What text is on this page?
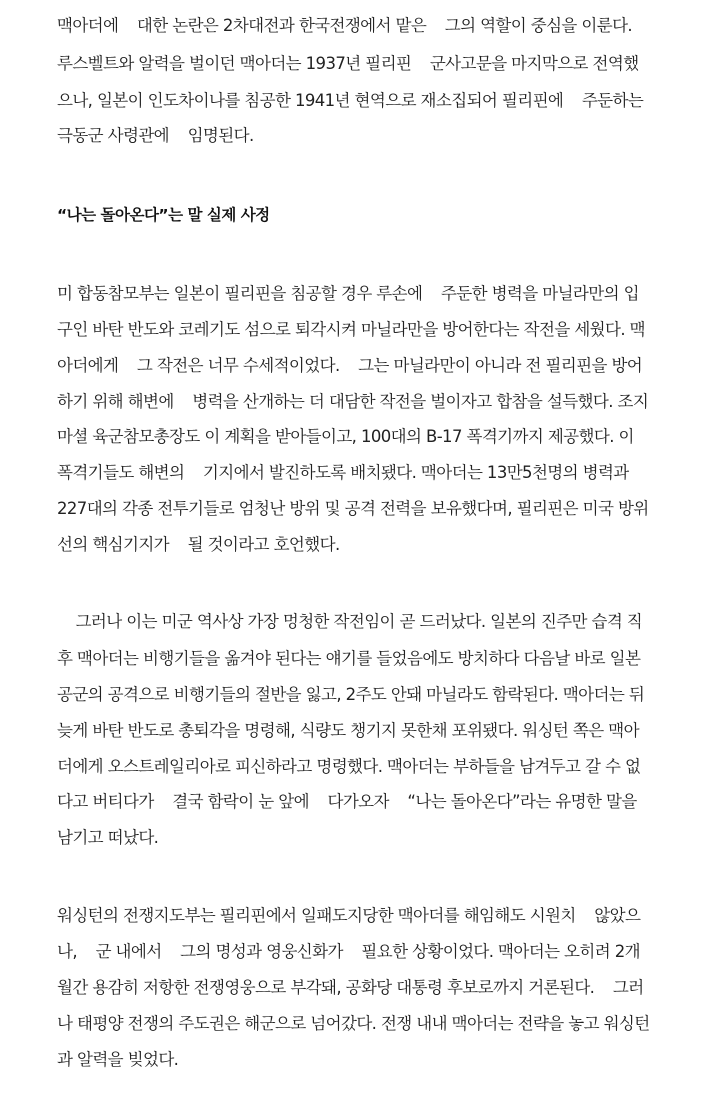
맥아더에    대한 논란은 2차대전과 한국전쟁에서 맡은    그의 역할이 중심을 이룬다.
루스벨트와 알력을 벌이던 맥아더는 1937년 필리핀    군사고문을 마지막으로 전역했
으나, 일본이 인도차이나를 침공한 1941년 현역으로 재소집되어 필리핀에    주둔하는
극동군 사령관에    임명된다.
“나는 돌아온다”는 말 실제 사정
미 합동참모부는 일본이 필리핀을 침공할 경우 루손에    주둔한 병력을 마닐라만의 입
구인 바탄 반도와 코레기도 섬으로 퇴각시켜 마닐라만을 방어한다는 작전을 세웠다. 맥
아더에게    그 작전은 너무 수세적이었다.    그는 마닐라만이 아니라 전 필리핀을 방어
하기 위해 해변에    병력을 산개하는 더 대담한 작전을 벌이자고 합참을 설득했다. 조지
마셜 육군참모총장도 이 계획을 받아들이고, 100대의 B-17 폭격기까지 제공했다. 이
폭격기들도 해변의    기지에서 발진하도록 배치됐다. 맥아더는 13만5천명의 병력과
227대의 각종 전투기들로 엄청난 방위 및 공격 전력을 보유했다며, 필리핀은 미국 방위
선의 핵심기지가    될 것이라고 호언했다.
그러나 이는 미군 역사상 가장 멍청한 작전임이 곧 드러났다. 일본의 진주만 습격 직
후 맥아더는 비행기들을 옮겨야 된다는 얘기를 들었음에도 방치하다 다음날 바로 일본
공군의 공격으로 비행기들의 절반을 잃고, 2주도 안돼 마닐라도 함락된다. 맥아더는 뒤
늦게 바탄 반도로 총퇴각을 명령해, 식량도 챙기지 못한채 포위됐다. 워싱턴 쪽은 맥아
더에게 오스트레일리아로 피신하라고 명령했다. 맥아더는 부하들을 남겨두고 갈 수 없
다고 버티다가    결국 함락이 눈 앞에    다가오자    “나는 돌아온다”라는 유명한 말을
남기고 떠났다.
워싱턴의 전쟁지도부는 필리핀에서 일패도지당한 맥아더를 해임해도 시원치    않았으
나,    군 내에서    그의 명성과 영웅신화가    필요한 상황이었다. 맥아더는 오히려 2개
월간 용감히 저항한 전쟁영웅으로 부각돼, 공화당 대통령 후보로까지 거론된다.    그러
나 태평양 전쟁의 주도권은 해군으로 넘어갔다. 전쟁 내내 맥아더는 전략을 놓고 워싱턴
과 알력을 빚었다.
